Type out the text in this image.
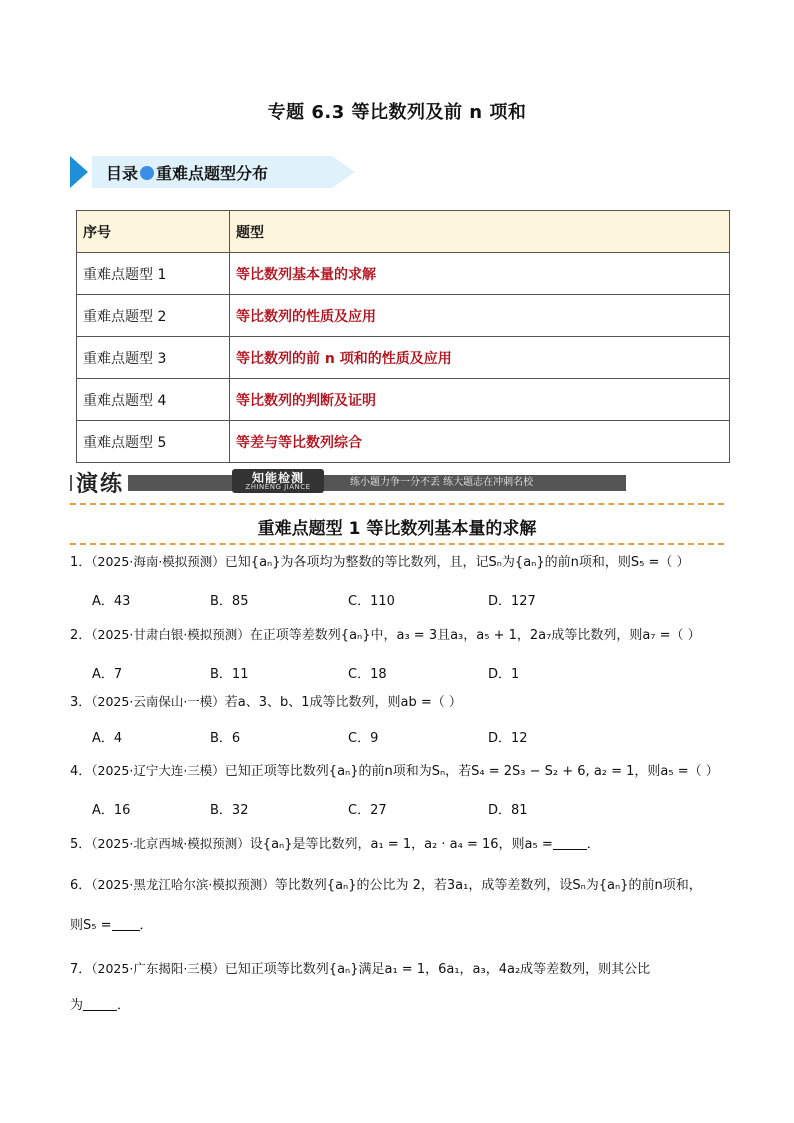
专题 6.3 等比数列及前 n 项和
目录 重难点题型分布
序号	题型
重难点题型 1	等比数列基本量的求解
重难点题型 2	等比数列的性质及应用
重难点题型 3	等比数列的前 n 项和的性质及应用
重难点题型 4	等比数列的判断及证明
重难点题型 5	等差与等比数列综合
演练	知能检测
ZHINENG JIANCE	练小题力争一分不丢 练大题志在冲刺名校
重难点题型 1 等比数列基本量的求解
1．（2025·海南·模拟预测）已知{aₙ}为各项均为整数的等比数列，且，记Sₙ为{aₙ}的前n项和，则S₅ =（ ）
A．43	B．85	C．110	D．127
2．（2025·甘肃白银·模拟预测）在正项等差数列{aₙ}中，a₃ = 3且a₃，a₅ + 1，2a₇成等比数列，则a₇ =（ ）
A．7	B．11	C．18	D．1
3．（2025·云南保山·一模）若a、3、b、1成等比数列，则ab =（ ）
A．4	B．6	C．9	D．12
4．（2025·辽宁大连·三模）已知正项等比数列{aₙ}的前n项和为Sₙ，若S₄ = 2S₃ − S₂ + 6, a₂ = 1，则a₅ =（ ）
A．16	B．32	C．27	D．81
5．（2025·北京西城·模拟预测）设{aₙ}是等比数列，a₁ = 1，a₂ · a₄ = 16，则a₅ =	．
6．（2025·黑龙江哈尔滨·模拟预测）等比数列{aₙ}的公比为 2，若3a₁，成等差数列，设Sₙ为{aₙ}的前n项和，
则S₅ = ．
7．（2025·广东揭阳·三模）已知正项等比数列{aₙ}满足a₁ = 1，6a₁，a₃，4a₂成等差数列，则其公比
为	．
